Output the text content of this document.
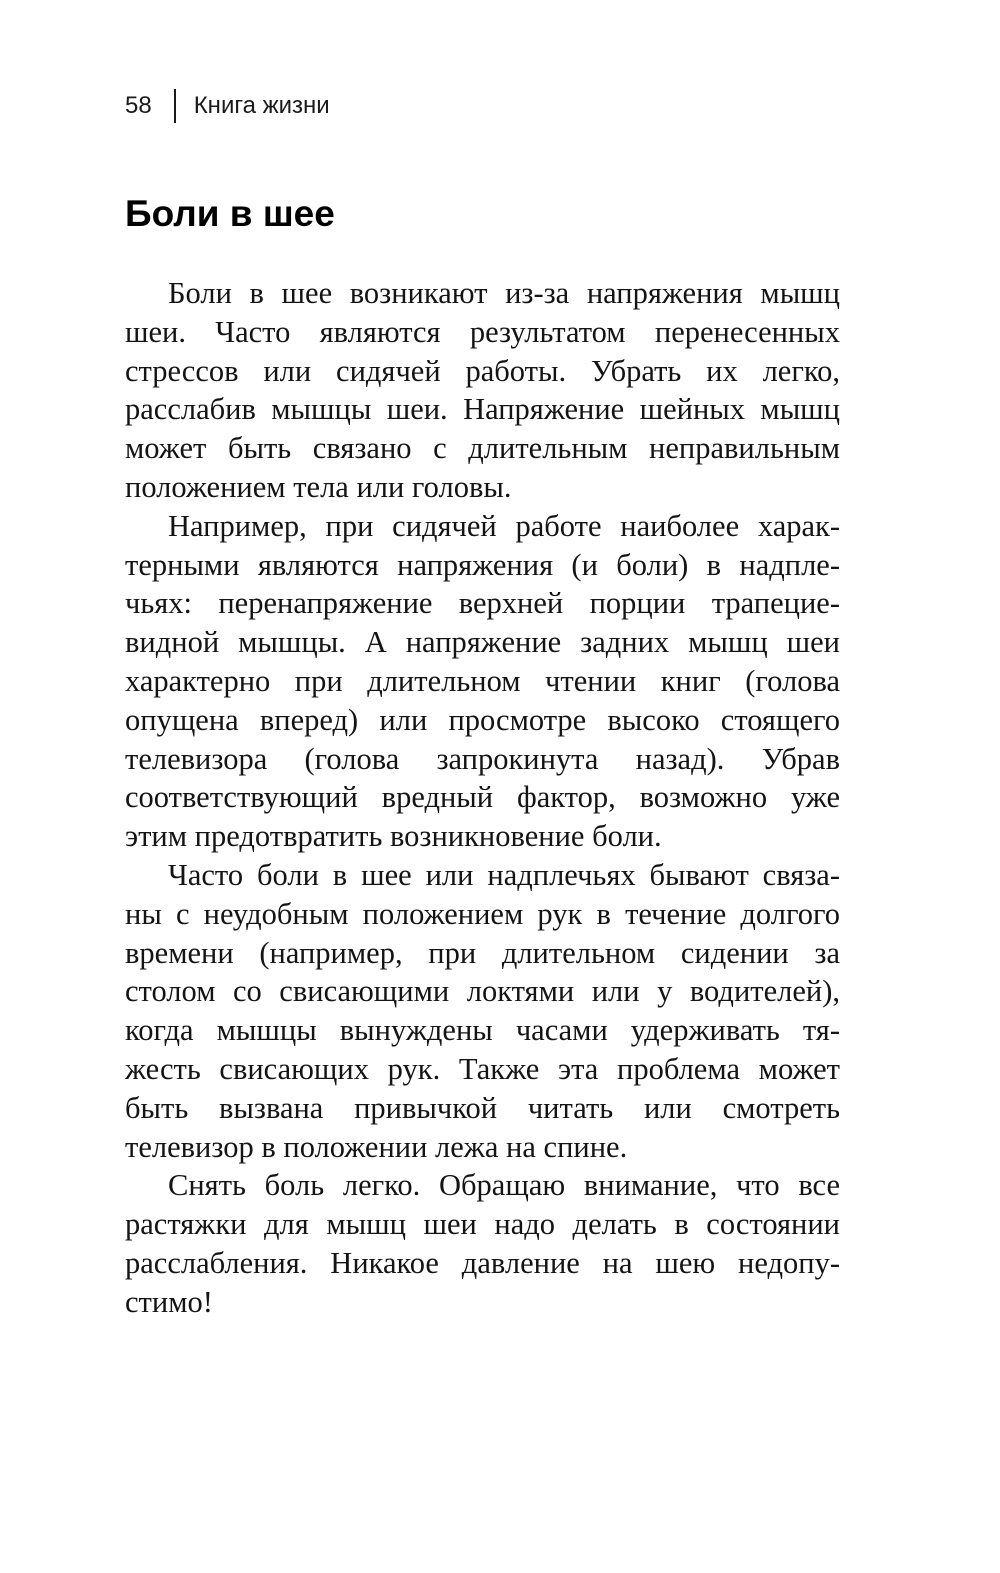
58 Книга жизни
Боли в шее
Боли в шее возникают из-за напряжения мышц
шеи. Часто являются результатом перенесенных
стрессов или сидячей работы. Убрать их легко,
расслабив мышцы шеи. Напряжение шейных мышц
может быть связано с длительным неправильным
положением тела или головы.
Например, при сидячей работе наиболее харак-
терными являются напряжения (и боли) в надпле-
чьях: перенапряжение верхней порции трапецие-
видной мышцы. А напряжение задних мышц шеи
характерно при длительном чтении книг (голова
опущена вперед) или просмотре высоко стоящего
телевизора (голова запрокинута назад). Убрав
соответствующий вредный фактор, возможно уже
этим предотвратить возникновение боли.
Часто боли в шее или надплечьях бывают связа-
ны с неудобным положением рук в течение долгого
времени (например, при длительном сидении за
столом со свисающими локтями или у водителей),
когда мышцы вынуждены часами удерживать тя-
жесть свисающих рук. Также эта проблема может
быть вызвана привычкой читать или смотреть
телевизор в положении лежа на спине.
Снять боль легко. Обращаю внимание, что все
растяжки для мышц шеи надо делать в состоянии
расслабления. Никакое давление на шею недопу-
стимо!
